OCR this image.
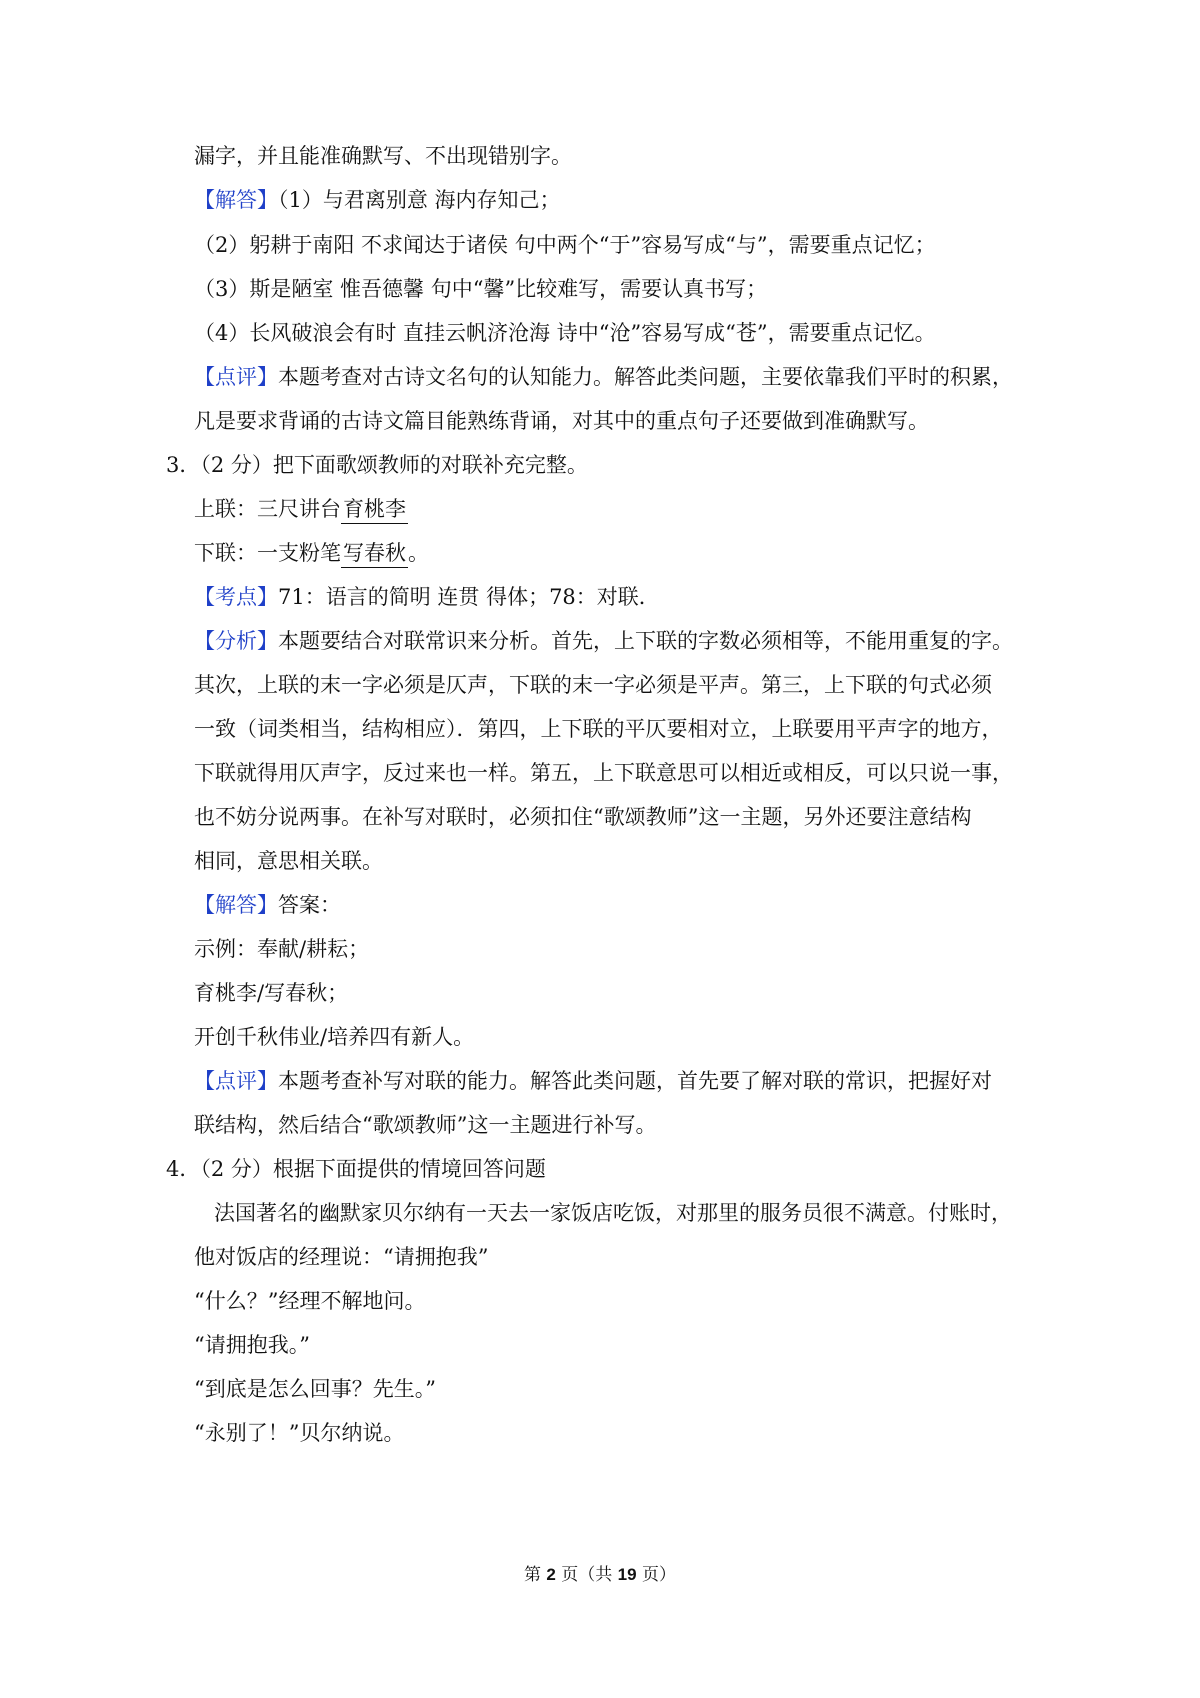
漏字，并且能准确默写、不出现错别字。
【解答】（1）与君离别意 海内存知己；
（2）躬耕于南阳 不求闻达于诸侯 句中两个“于”容易写成“与”，需要重点记忆；
（3）斯是陋室 惟吾德馨 句中“馨”比较难写，需要认真书写；
（4）长风破浪会有时 直挂云帆济沧海 诗中“沧”容易写成“苍”，需要重点记忆。
【点评】本题考查对古诗文名句的认知能力。解答此类问题，主要依靠我们平时的积累，
凡是要求背诵的古诗文篇目能熟练背诵，对其中的重点句子还要做到准确默写。
3．（2 分）把下面歌颂教师的对联补充完整。
上联：三尺讲台育桃李
下联：一支粉笔写春秋。
【考点】71：语言的简明 连贯 得体；78：对联．
【分析】本题要结合对联常识来分析。首先，上下联的字数必须相等，不能用重复的字。
其次，上联的末一字必须是仄声，下联的末一字必须是平声。第三，上下联的句式必须
一致（词类相当，结构相应）．第四，上下联的平仄要相对立，上联要用平声字的地方，
下联就得用仄声字，反过来也一样。第五，上下联意思可以相近或相反，可以只说一事，
也不妨分说两事。在补写对联时，必须扣住“歌颂教师”这一主题，另外还要注意结构
相同，意思相关联。
【解答】答案：
示例：奉献/耕耘；
育桃李/写春秋；
开创千秋伟业/培养四有新人。
【点评】本题考查补写对联的能力。解答此类问题，首先要了解对联的常识，把握好对
联结构，然后结合“歌颂教师”这一主题进行补写。
4．（2 分）根据下面提供的情境回答问题
法国著名的幽默家贝尔纳有一天去一家饭店吃饭，对那里的服务员很不满意。付账时，
他对饭店的经理说：“请拥抱我”
“什么？”经理不解地问。
“请拥抱我。”
“到底是怎么回事？先生。”
“永别了！”贝尔纳说。
第 2 页（共 19 页）
